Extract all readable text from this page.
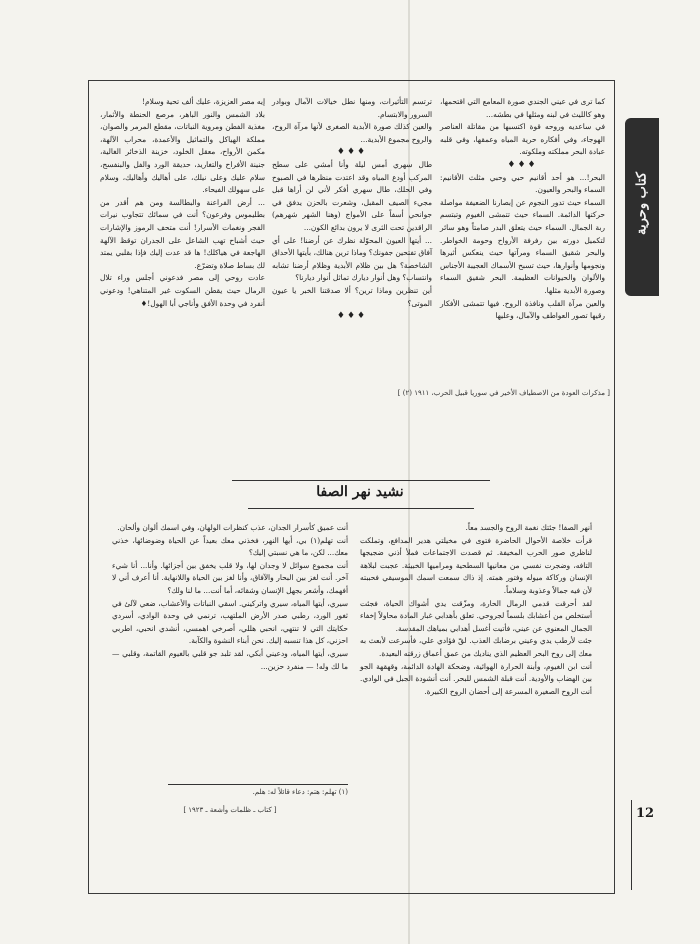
كتاب وحرية

كما ترى في عيني الجندي صورة المعامع التي اقتحمها، وهو كالليث في لبنه ومثلها في بطشه...

في ساعديه وروحه قوة اكتسبها من مقاتلة العناصر الهوجاء، وفي أفكاره حرية المياه وعمقها، وفي قلبه عبادة البحر مملكته وملكوته.

♦♦♦

البحر!... هو أحد أقانيم حبي وحبي مثلث الأقانيم: السماء والبحر والعيون.

السماء حيث تدور النجوم عن إبصارنا الضعيفة مواصلة حركتها الدائمة. السماء حيث تتمشى الغيوم وتبتسم ربة الجمال. السماء حيث يتعلق البدر صامتاً وهو سائر لتكميل دورته بين رفرفة الأرواح وحومة الخواطر. والبحر شقيق السماء ومرآتها حيث ينعكس أثيرها ونجومها وأنوارها، حيث تسبح الأسماك العجيبة الأجناس والألوان والحيوانات العظيمة. البحر شقيق السماء وصورة الأبدية مثلها.

والعين مرآة القلب ونافذة الروح. فيها تتمشى الأفكار رقيها تصور العواطف والآمال، وعليها

ترتسم التأثيرات، ومنها نطل خيالات الآمال وبوادر السرور والابتسام.

والعين كذلك صورة الأبدية الصغرى لأنها مرآة الروح، والروح مجموع الأبدية...

♦♦♦

طال سهري أمس ليلة وأنا أمشي على سطح المركب أودع المياه وقد اعتدت منظرها في الصبوح وفي الحلك، طال سهري أفكر لأني لن أراها قبل مجيء الصيف المقبل، وشعرت بالحزن يدفق في جوانحي أسفاً على الأمواج (وهنا الشهر شهرهم) الراقدين تحت الثرى لا يرون بدائع الكون...

... أيتها العيون المحوّلة نظرك عن أرضنا! على أي آفاق تفتحين جفونك؟ وماذا ترين هنالك، بأيتها الأحداق الشاخصة؟ هل بين ظلام الأبدية وظلام أرضنا تشابه وانتساب؟ وهل أنوار ديارك تماثل أنوار ديارنا؟

أين تنظرين وماذا ترين؟ ألا صدقتنا الخبر يا عيون الموتى؟

♦♦♦

إيه مصر العزيزة، عليك ألف تحية وسلام!

بلاد الشمس والنور الباهر، مرصع الحنطة والأثمار، مغذية الفطن ومروية النباتات، مقطع المرمر والصوان، مملكة الهياكل والتماثيل والأعمدة، محراب الآلهة، مكمن الأرواح، معقل الخلود، خزينة الذخائر الغالية، جنينة الأفراح والتغاريد، حديقة الورد والفل والبنفسج، سلام عليك وعلى نيلك، على أهاليك وأهاليك، وسلام على سهولك الفيحاء.

... أرض الفراعنة والبطالسة ومن هم أقدر من بطليموس وفرعون؟ أنت في سمائك تتجاوب نيرات الفجر ونغمات الأسرار! أنت متحف الرموز والإشارات حيث أشباح تهب الشاعل على الجدران توقظ الآلهة الهاجعة في هياكلك! ها قد عدت إليك فإذا بقلبي يمتد لك بساط صلاة وتضرّع.

عادت روحي إلى مصر فدعوني أجلس وراء تلال الرمال حيث يقطن السكوت غير المتناهي! ودعوني أنفرد في وحدة الأفق وأناجي أبا الهول!♦

[ مذكرات العودة من الاصطياف الأخير في سوريا قبيل الحرب، ١٩١١ (٢) ]
نشيد نهر الصفا

أنهر الصفا! جئتك نغمة الروح والجسد معاً.

قرأت خلاصة الأحوال الحاضرة فتوى في مخيلتي هدير المدافع، وتملكت لناظري صور الحرب المخيفة. ثم قصدت الاجتماعات فملأ أذني ضجيجها التافه، وضجرت نفسي من معانيها السطحية ومراميها الخبيثة. عجبت لبلاهة الإنسان وركاكة ميوله وفتور همته. إذ ذاك سمعت اسمك الموسيقي فحببته لأن فيه جمالاً وعذوبة وسلاماً.

لقد أحرقت قدمي الرمال الحارة، ومزّقت يدي أشواك الحياة، فجئت أستخلص من أعشابك بلسماً لجروحي. تعلق بأهدابي غبار المادة محاولاً إخفاء الجمال المعنوي عن عيني، فأتيت أغسل أهدابي بمياهك المقدسة.

جئت لأرطب يدي وعيني برضابك العذب. لقّ فؤادي علي، فأسرعت لأبعث به معك إلى روح البحر العظيم الذي يناديك من عمق أعماق زرقته البعيدة.

أنت ابن الغيوم، وأبنة الحرارة الهوائية، وضحكة الهادة الدائمة، وقهقهة الجو بين الهضاب والأودية. أنت قبلة الشمس للبحر. أنت أنشودة الجبل في الوادي. أنت الروح الصغيرة المسرعة إلى أحضان الروح الكبيرة.

أنت عميق كأسرار الجدان، عذب كنظرات الولهان، وفي اسمك ألوان وألحان.

أنت تهلم(١) بي، أيها النهر، فخذني معك بعيداً عن الحياة وضوضائها، خذني معك... لكن، ما هي نسبتي إليك؟

أنت مجموع سوائل لا وجدان لها، ولا قلب يخفق بين أجزائها. وأنا... أنا شيء آخر. أنت لغز بين البحار والآفاق، وأنا لغز بين الحياة واللانهاية. أنا أعرف أني لا أفهمك، وأشعر بجهل الإنسان وشقائه، أما أنت... ما لنا ولك؟

سيري، أيتها المياه، سيري واتركيني. اسقي النباتات والأعشاب، ضعي لآلئ في ثغور الورد، رطبي صدر الأرض الملتهب، ترنمي في وحدة الوادي، أسردي حكايتك التي لا تنتهي، انحبي هللي، أصرخي اهمسي، أنشدي انحبي، اطربي احزني، كل هذا تنسبه إليك. نحن أبناء النشوة والكآبة.

سيري، أيتها المياه، ودعيني أبكي، لقد تلبد جو قلبي بالغيوم القاتمة، وقلبي — ما لك وله! — منفرد حزين...

(١) تهلم: هتم: دعاء قائلاً له: هلم.
[ كتاب ـ ظلمات وأشعة ـ ١٩٢٣ ]	12
